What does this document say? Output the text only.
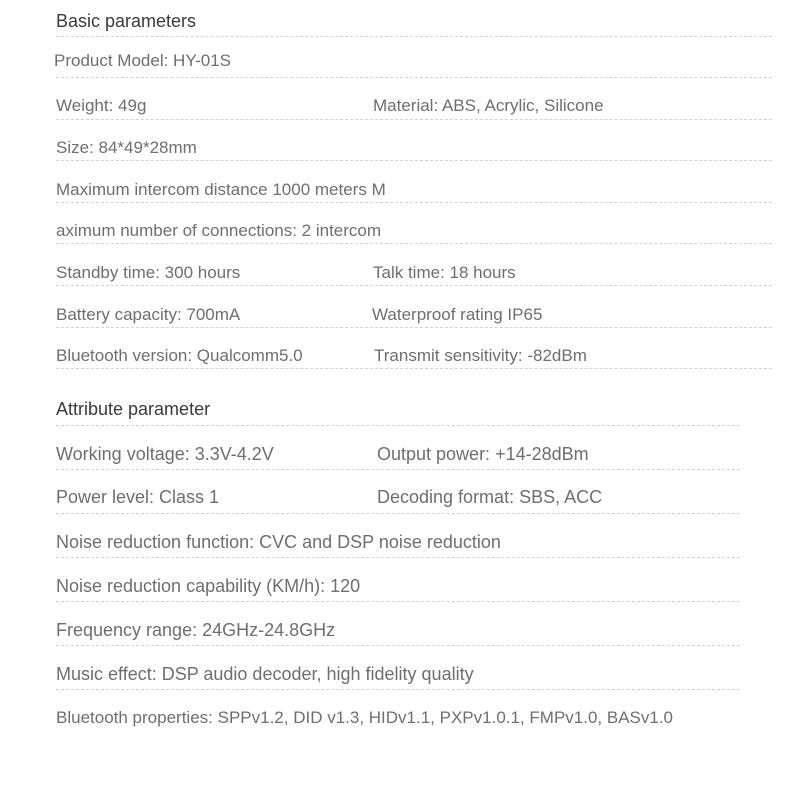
Basic parameters
Product Model: HY-01S
Weight: 49g	Material: ABS, Acrylic, Silicone
Size: 84*49*28mm
Maximum intercom distance 1000 meters M
aximum number of connections: 2 intercom
Standby time: 300 hours	Talk time: 18 hours
Battery capacity: 700mA	Waterproof rating IP65
Bluetooth version: Qualcomm5.0	Transmit sensitivity: -82dBm
Attribute parameter
Working voltage: 3.3V-4.2V	Output power: +14-28dBm
Power level: Class 1	Decoding format: SBS, ACC
Noise reduction function: CVC and DSP noise reduction
Noise reduction capability (KM/h): 120
Frequency range: 24GHz-24.8GHz
Music effect: DSP audio decoder, high fidelity quality
Bluetooth properties: SPPv1.2, DID v1.3, HIDv1.1, PXPv1.0.1, FMPv1.0, BASv1.0
